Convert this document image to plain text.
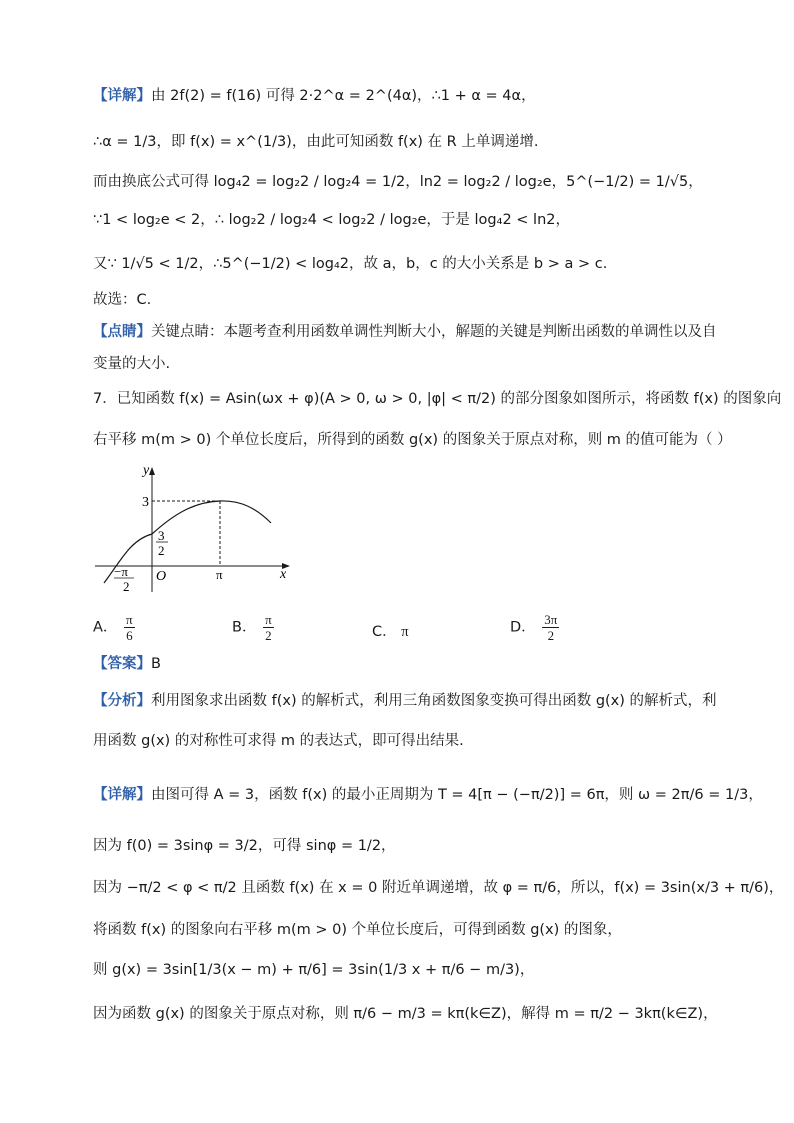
【详解】由 2f(2) = f(16) 可得 2·2^α = 2^(4α)，∴1 + α = 4α，
∴α = 1/3，即 f(x) = x^(1/3)，由此可知函数 f(x) 在 R 上单调递增.
而由换底公式可得 log₄2 = log₂2 / log₂4 = 1/2，ln2 = log₂2 / log₂e，5^(−1/2) = 1/√5，
∵1 < log₂e < 2，∴ log₂2 / log₂4 < log₂2 / log₂e，于是 log₄2 < ln2，
又∵ 1/√5 < 1/2，∴5^(−1/2) < log₄2，故 a，b，c 的大小关系是 b > a > c.
故选：C.
【点睛】关键点睛：本题考查利用函数单调性判断大小，解题的关键是判断出函数的单调性以及自
变量的大小.
7．已知函数 f(x) = Asin(ωx + φ)(A > 0, ω > 0, |φ| < π/2) 的部分图象如图所示，将函数 f(x) 的图象向
右平移 m(m > 0) 个单位长度后，所得到的函数 g(x) 的图象关于原点对称，则 m 的值可能为（ ）
y
x
O
3
3
2
−π
2
π
A． $\frac{\pi}{6}$	B． $\frac{\pi}{2}$	C． π	D． $\frac{3\pi}{2}$
【答案】B
【分析】利用图象求出函数 f(x) 的解析式，利用三角函数图象变换可得出函数 g(x) 的解析式，利
用函数 g(x) 的对称性可求得 m 的表达式，即可得出结果.
【详解】由图可得 A = 3，函数 f(x) 的最小正周期为 T = 4[π − (−π/2)] = 6π，则 ω = 2π/6 = 1/3，
因为 f(0) = 3sinφ = 3/2，可得 sinφ = 1/2，
因为 −π/2 < φ < π/2 且函数 f(x) 在 x = 0 附近单调递增，故 φ = π/6，所以，f(x) = 3sin(x/3 + π/6)，
将函数 f(x) 的图象向右平移 m(m > 0) 个单位长度后，可得到函数 g(x) 的图象，
则 g(x) = 3sin[1/3(x − m) + π/6] = 3sin(1/3 x + π/6 − m/3)，
因为函数 g(x) 的图象关于原点对称，则 π/6 − m/3 = kπ(k∈Z)，解得 m = π/2 − 3kπ(k∈Z)，
